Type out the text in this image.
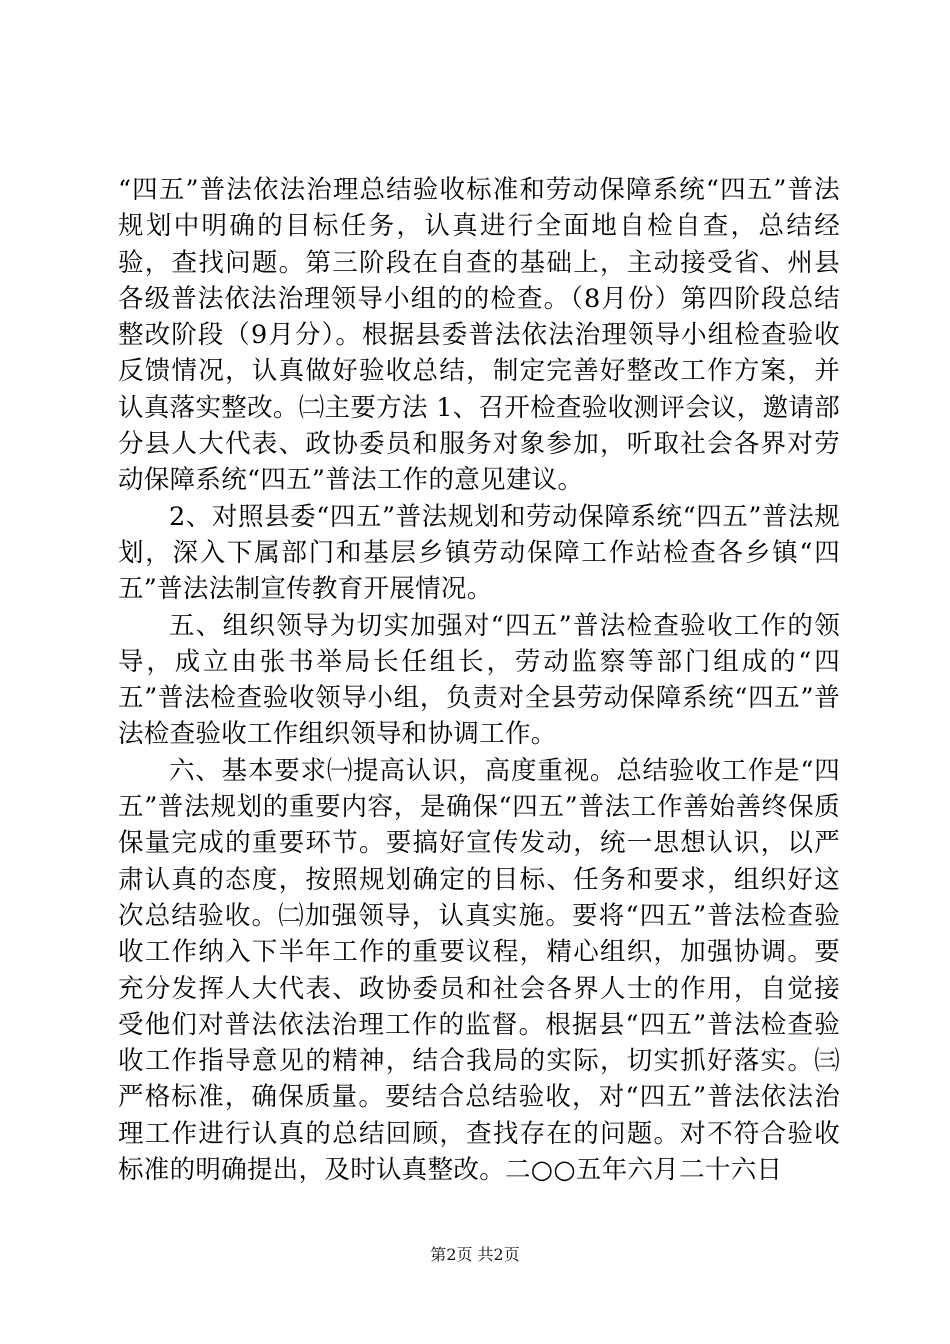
“四五”普法依法治理总结验收标准和劳动保障系统“四五”普法规划中明确的目标任务，认真进行全面地自检自查，总结经验，查找问题。第三阶段在自查的基础上，主动接受省、州县各级普法依法治理领导小组的的检查。（8月份）第四阶段总结整改阶段（9月分）。根据县委普法依法治理领导小组检查验收反馈情况，认真做好验收总结，制定完善好整改工作方案，并认真落实整改。㈡主要方法 1、召开检查验收测评会议，邀请部分县人大代表、政协委员和服务对象参加，听取社会各界对劳动保障系统“四五”普法工作的意见建议。

2、对照县委“四五”普法规划和劳动保障系统“四五”普法规划，深入下属部门和基层乡镇劳动保障工作站检查各乡镇“四五”普法法制宣传教育开展情况。

五、组织领导为切实加强对“四五”普法检查验收工作的领导，成立由张书举局长任组长，劳动监察等部门组成的“四五”普法检查验收领导小组，负责对全县劳动保障系统“四五”普法检查验收工作组织领导和协调工作。

六、基本要求㈠提高认识，高度重视。总结验收工作是“四五”普法规划的重要内容，是确保“四五”普法工作善始善终保质保量完成的重要环节。要搞好宣传发动，统一思想认识，以严肃认真的态度，按照规划确定的目标、任务和要求，组织好这次总结验收。㈡加强领导，认真实施。要将“四五”普法检查验收工作纳入下半年工作的重要议程，精心组织，加强协调。要充分发挥人大代表、政协委员和社会各界人士的作用，自觉接受他们对普法依法治理工作的监督。根据县“四五”普法检查验收工作指导意见的精神，结合我局的实际，切实抓好落实。㈢严格标准，确保质量。要结合总结验收，对“四五”普法依法治理工作进行认真的总结回顾，查找存在的问题。对不符合验收标准的明确提出，及时认真整改。二○○五年六月二十六日

第2页 共2页
